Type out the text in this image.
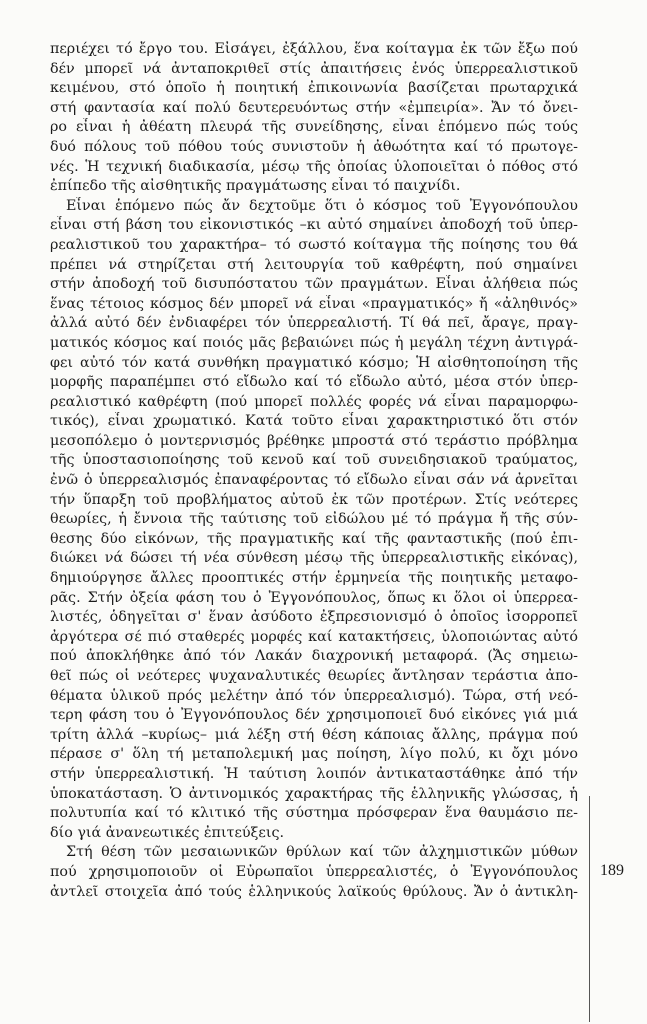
περιέχει τό ἔργο του. Εἰσάγει, ἐξάλλου, ἕνα κοίταγμα ἐκ τῶν ἔξω πού
δέν μπορεῖ νά ἀνταποκριθεῖ στίς ἀπαιτήσεις ἑνός ὑπερρεαλιστικοῦ
κειμένου, στό ὁποῖο ἡ ποιητική ἐπικοινωνία βασίζεται πρωταρχικά
στή φαντασία καί πολύ δευτερευόντως στήν «ἐμπειρία». Ἄν τό ὄνει-
ρο εἶναι ἡ ἀθέατη πλευρά τῆς συνείδησης, εἶναι ἑπόμενο πώς τούς
δυό πόλους τοῦ πόθου τούς συνιστοῦν ἡ ἀθωότητα καί τό πρωτογε-
νές. Ἡ τεχνική διαδικασία, μέσῳ τῆς ὁποίας ὑλοποιεῖται ὁ πόθος στό
ἐπίπεδο τῆς αἰσθητικῆς πραγμάτωσης εἶναι τό παιχνίδι.
Εἶναι ἑπόμενο πώς ἄν δεχτοῦμε ὅτι ὁ κόσμος τοῦ Ἐγγονόπουλου
εἶναι στή βάση του εἰκονιστικός –κι αὐτό σημαίνει ἀποδοχή τοῦ ὑπερ-
ρεαλιστικοῦ του χαρακτήρα– τό σωστό κοίταγμα τῆς ποίησης του θά
πρέπει νά στηρίζεται στή λειτουργία τοῦ καθρέφτη, πού σημαίνει
στήν ἀποδοχή τοῦ δισυπόστατου τῶν πραγμάτων. Εἶναι ἀλήθεια πώς
ἕνας τέτοιος κόσμος δέν μπορεῖ νά εἶναι «πραγματικός» ἤ «ἀληθινός»
ἀλλά αὐτό δέν ἐνδιαφέρει τόν ὑπερρεαλιστή. Τί θά πεῖ, ἄραγε, πραγ-
ματικός κόσμος καί ποιός μᾶς βεβαιώνει πώς ἡ μεγάλη τέχνη ἀντιγρά-
φει αὐτό τόν κατά συνθήκη πραγματικό κόσμο; Ἡ αἰσθητοποίηση τῆς
μορφῆς παραπέμπει στό εἴδωλο καί τό εἴδωλο αὐτό, μέσα στόν ὑπερ-
ρεαλιστικό καθρέφτη (πού μπορεῖ πολλές φορές νά εἶναι παραμορφω-
τικός), εἶναι χρωματικό. Κατά τοῦτο εἶναι χαρακτηριστικό ὅτι στόν
μεσοπόλεμο ὁ μοντερνισμός βρέθηκε μπροστά στό τεράστιο πρόβλημα
τῆς ὑποστασιοποίησης τοῦ κενοῦ καί τοῦ συνειδησιακοῦ τραύματος,
ἐνῶ ὁ ὑπερρεαλισμός ἐπαναφέροντας τό εἴδωλο εἶναι σάν νά ἀρνεῖται
τήν ὕπαρξη τοῦ προβλήματος αὐτοῦ ἐκ τῶν προτέρων. Στίς νεότερες
θεωρίες, ἡ ἔννοια τῆς ταύτισης τοῦ εἰδώλου μέ τό πράγμα ἤ τῆς σύν-
θεσης δύο εἰκόνων, τῆς πραγματικῆς καί τῆς φανταστικῆς (πού ἐπι-
διώκει νά δώσει τή νέα σύνθεση μέσῳ τῆς ὑπερρεαλιστικῆς εἰκόνας),
δημιούργησε ἄλλες προοπτικές στήν ἑρμηνεία τῆς ποιητικῆς μεταφο-
ρᾶς. Στήν ὀξεία φάση του ὁ Ἐγγονόπουλος, ὅπως κι ὅλοι οἱ ὑπερρεα-
λιστές, ὁδηγεῖται σ' ἕναν ἀσύδοτο ἐξπρεσιονισμό ὁ ὁποῖος ἰσορροπεῖ
ἀργότερα σέ πιό σταθερές μορφές καί κατακτήσεις, ὑλοποιώντας αὐτό
πού ἀποκλήθηκε ἀπό τόν Λακάν διαχρονική μεταφορά. (Ἄς σημειω-
θεῖ πώς οἱ νεότερες ψυχαναλυτικές θεωρίες ἄντλησαν τεράστια ἀπο-
θέματα ὑλικοῦ πρός μελέτην ἀπό τόν ὑπερρεαλισμό). Τώρα, στή νεό-
τερη φάση του ὁ Ἐγγονόπουλος δέν χρησιμοποιεῖ δυό εἰκόνες γιά μιά
τρίτη ἀλλά –κυρίως– μιά λέξη στή θέση κάποιας ἄλλης, πράγμα πού
πέρασε σ' ὅλη τή μεταπολεμική μας ποίηση, λίγο πολύ, κι ὄχι μόνο
στήν ὑπερρεαλιστική. Ἡ ταύτιση λοιπόν ἀντικαταστάθηκε ἀπό τήν
ὑποκατάσταση. Ὁ ἀντινομικός χαρακτήρας τῆς ἑλληνικῆς γλώσσας, ἡ
πολυτυπία καί τό κλιτικό τῆς σύστημα πρόσφεραν ἕνα θαυμάσιο πε-
δίο γιά ἀνανεωτικές ἐπιτεύξεις.
Στή θέση τῶν μεσαιωνικῶν θρύλων καί τῶν ἀλχημιστικῶν μύθων
πού χρησιμοποιοῦν οἱ Εὐρωπαῖοι ὑπερρεαλιστές, ὁ Ἐγγονόπουλος
ἀντλεῖ στοιχεῖα ἀπό τούς ἑλληνικούς λαϊκούς θρύλους. Ἄν ὁ ἀντικλη-
189
